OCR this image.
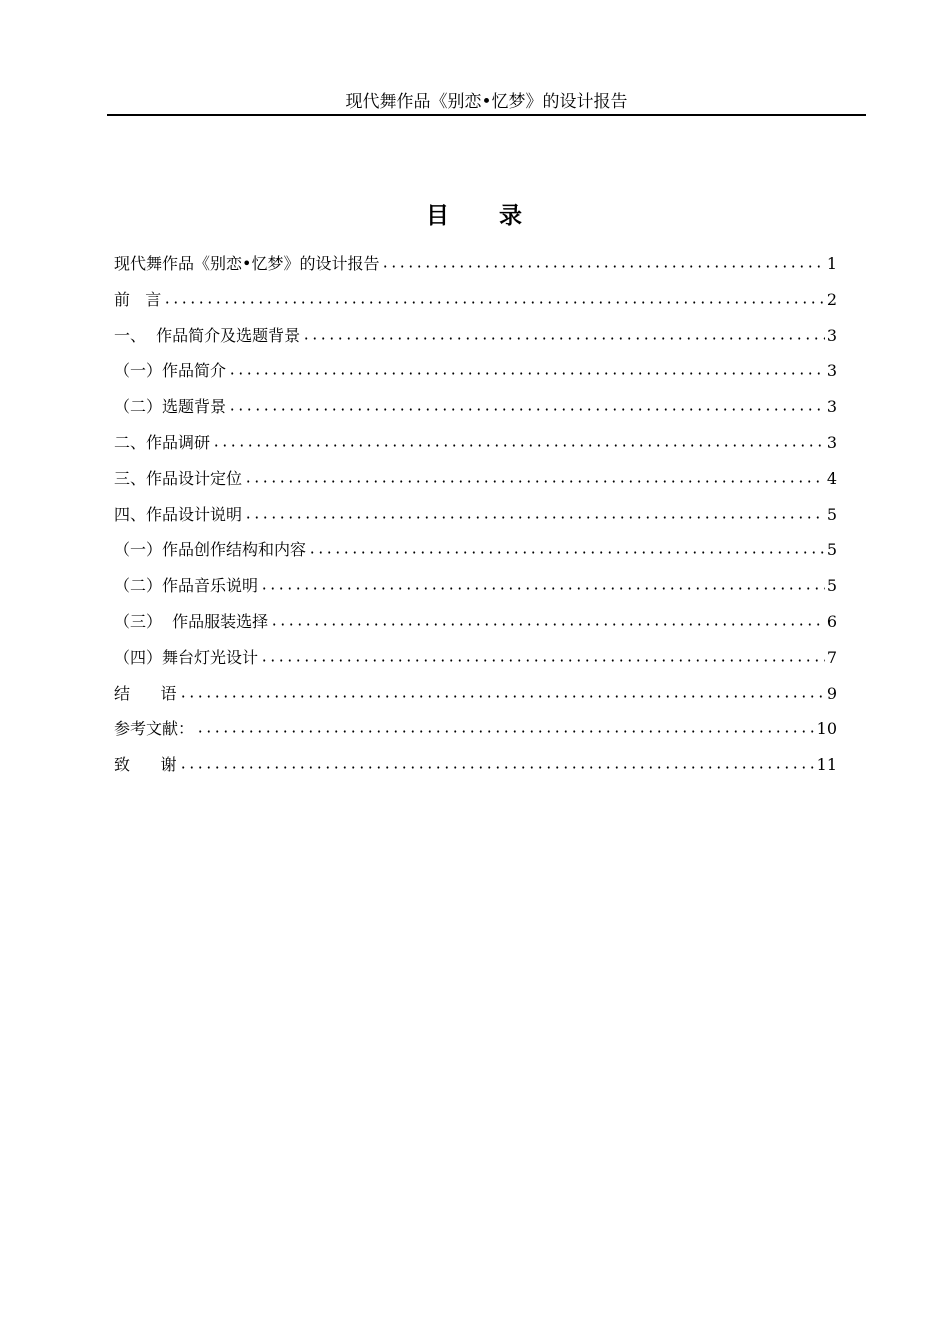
现代舞作品《别恋•忆梦》的设计报告
目 录
现代舞作品《别恋•忆梦》的设计报告	1
前   言	2
一、  作品简介及选题背景	3
（一）作品简介	3
（二）选题背景	3
二、作品调研	3
三、作品设计定位	4
四、作品设计说明	5
（一）作品创作结构和内容	5
（二）作品音乐说明	5
（三）  作品服装选择	6
（四）舞台灯光设计	7
结      语	9
参考文献：	10
致      谢	11
